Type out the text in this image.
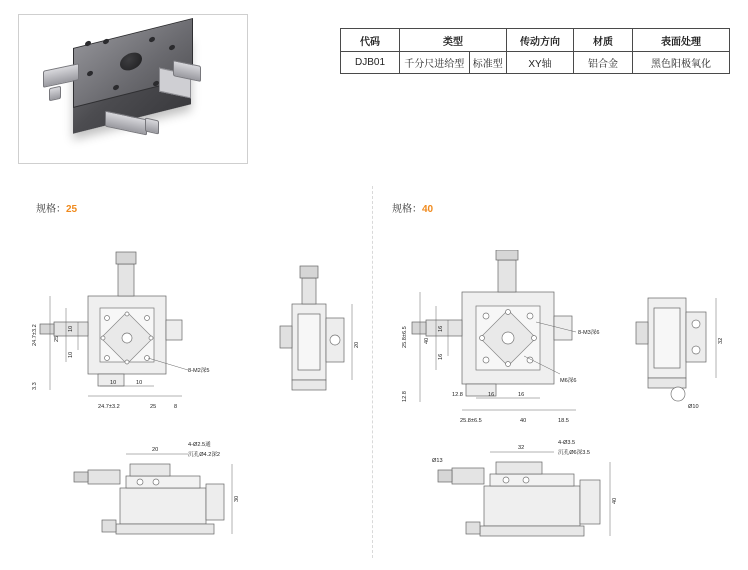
代码	类型		传动方向	材质	表面处理
DJB01	千分尺进给型	标准型	XY轴	铝合金	黑色阳极氧化
规格：25	规格：40
24.7±3.2	25
10
10
3.3
24.7±3.2
10	10
25	8
8-M2深5
20
20
30
4-Ø2.5通
沉孔Ø4.2深2
25.8±6.5	40
16
16
12.8	12.8	16	16
25.8±6.5	40	18.5
8-M3深6
M6深6
32
Ø10
32
Ø13
40
4-Ø3.5
沉孔Ø6深3.5
